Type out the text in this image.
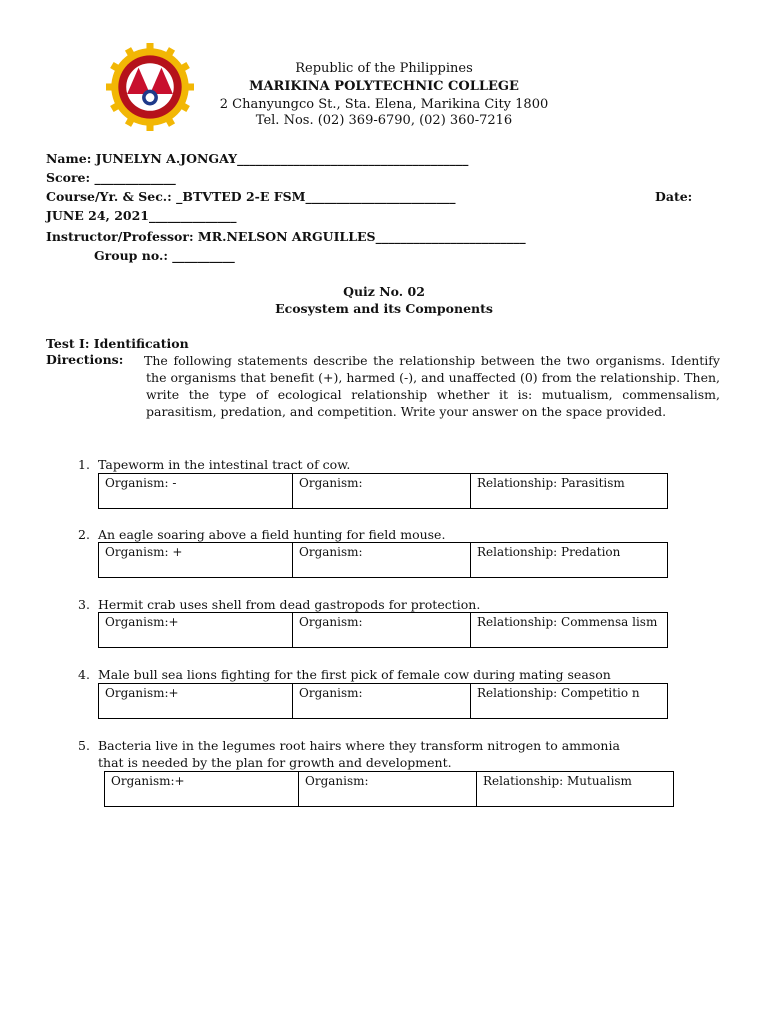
Republic of the Philippines
MARIKINA POLYTECHNIC COLLEGE
2 Chanyungco St., Sta. Elena, Marikina City 1800
Tel. Nos. (02) 369-6790, (02) 360-7216
Name: JUNELYN A.JONGAY_____________________________________
Score: _____________
Course/Yr. & Sec.: _BTVTED 2-E FSM________________________	Date:
JUNE 24, 2021______________
Instructor/Professor: MR.NELSON ARGUILLES________________________
Group no.: __________
Quiz No. 02
Ecosystem and its Components
Test I: Identification
Directions: The following statements describe the relationship between the two organisms. Identify the organisms that benefit (+), harmed (-), and unaffected (0) from the relationship. Then, write the type of ecological relationship whether it is: mutualism, commensalism, parasitism, predation, and competition. Write your answer on the space provided.
1. Tapeworm in the intestinal tract of cow.
Organism: -	Organism:	Relationship: Parasitism
2. An eagle soaring above a field hunting for field mouse.
Organism: +	Organism:	Relationship: Predation
3. Hermit crab uses shell from dead gastropods for protection.
Organism:+	Organism:	Relationship: Commensa lism
4. Male bull sea lions fighting for the first pick of female cow during mating season
Organism:+	Organism:	Relationship: Competitio n
5. Bacteria live in the legumes root hairs where they transform nitrogen to ammonia
that is needed by the plan for growth and development.
Organism:+	Organism:	Relationship: Mutualism
